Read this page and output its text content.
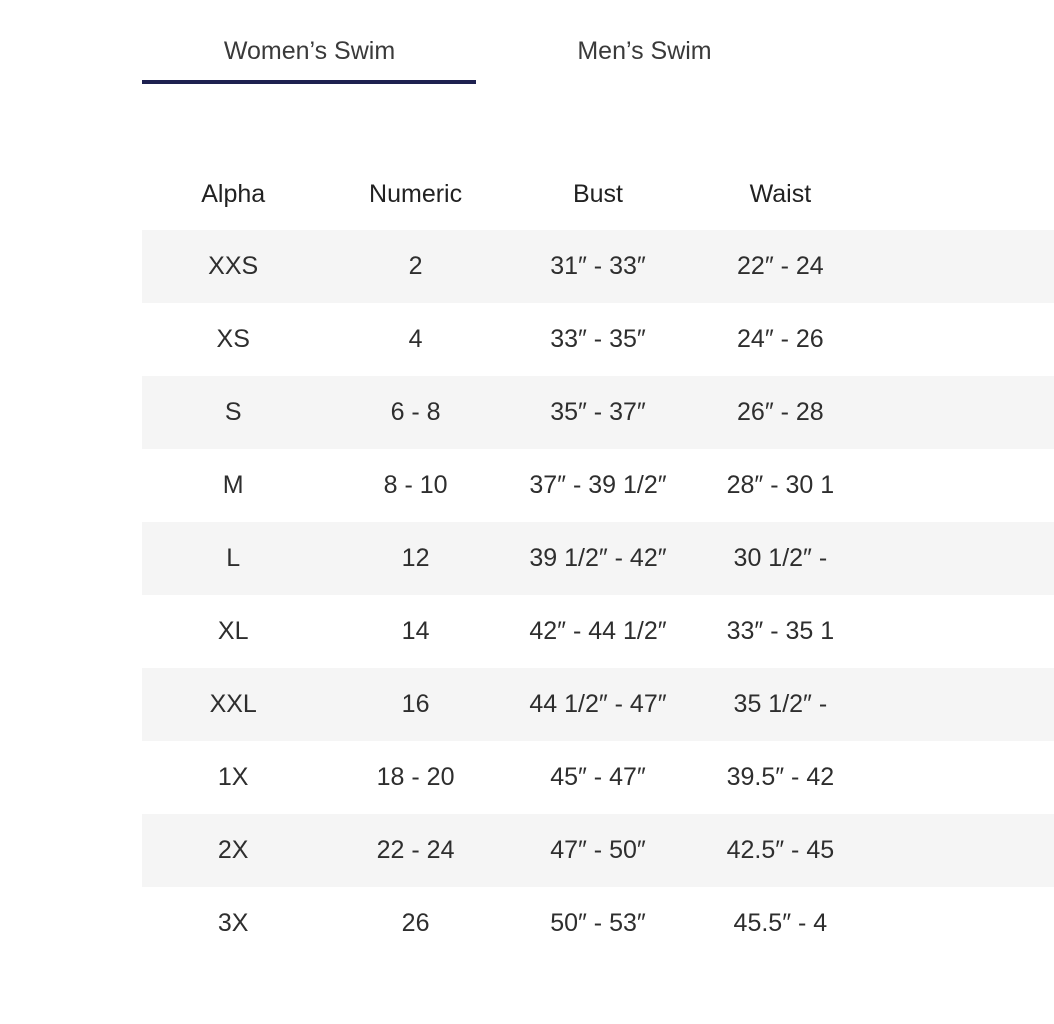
Women’s Swim	Men’s Swim
Alpha	Numeric	Bust	Waist	
XXS	2	31″ - 33″	22″ - 24	
XS	4	33″ - 35″	24″ - 26	
S	6 - 8	35″ - 37″	26″ - 28	
M	8 - 10	37″ - 39 1/2″	28″ - 30 1	
L	12	39 1/2″ - 42″	30 1/2″ -	
XL	14	42″ - 44 1/2″	33″ - 35 1	
XXL	16	44 1/2″ - 47″	35 1/2″ -	
1X	18 - 20	45″ - 47″	39.5″ - 42	
2X	22 - 24	47″ - 50″	42.5″ - 45	
3X	26	50″ - 53″	45.5″ - 4	
